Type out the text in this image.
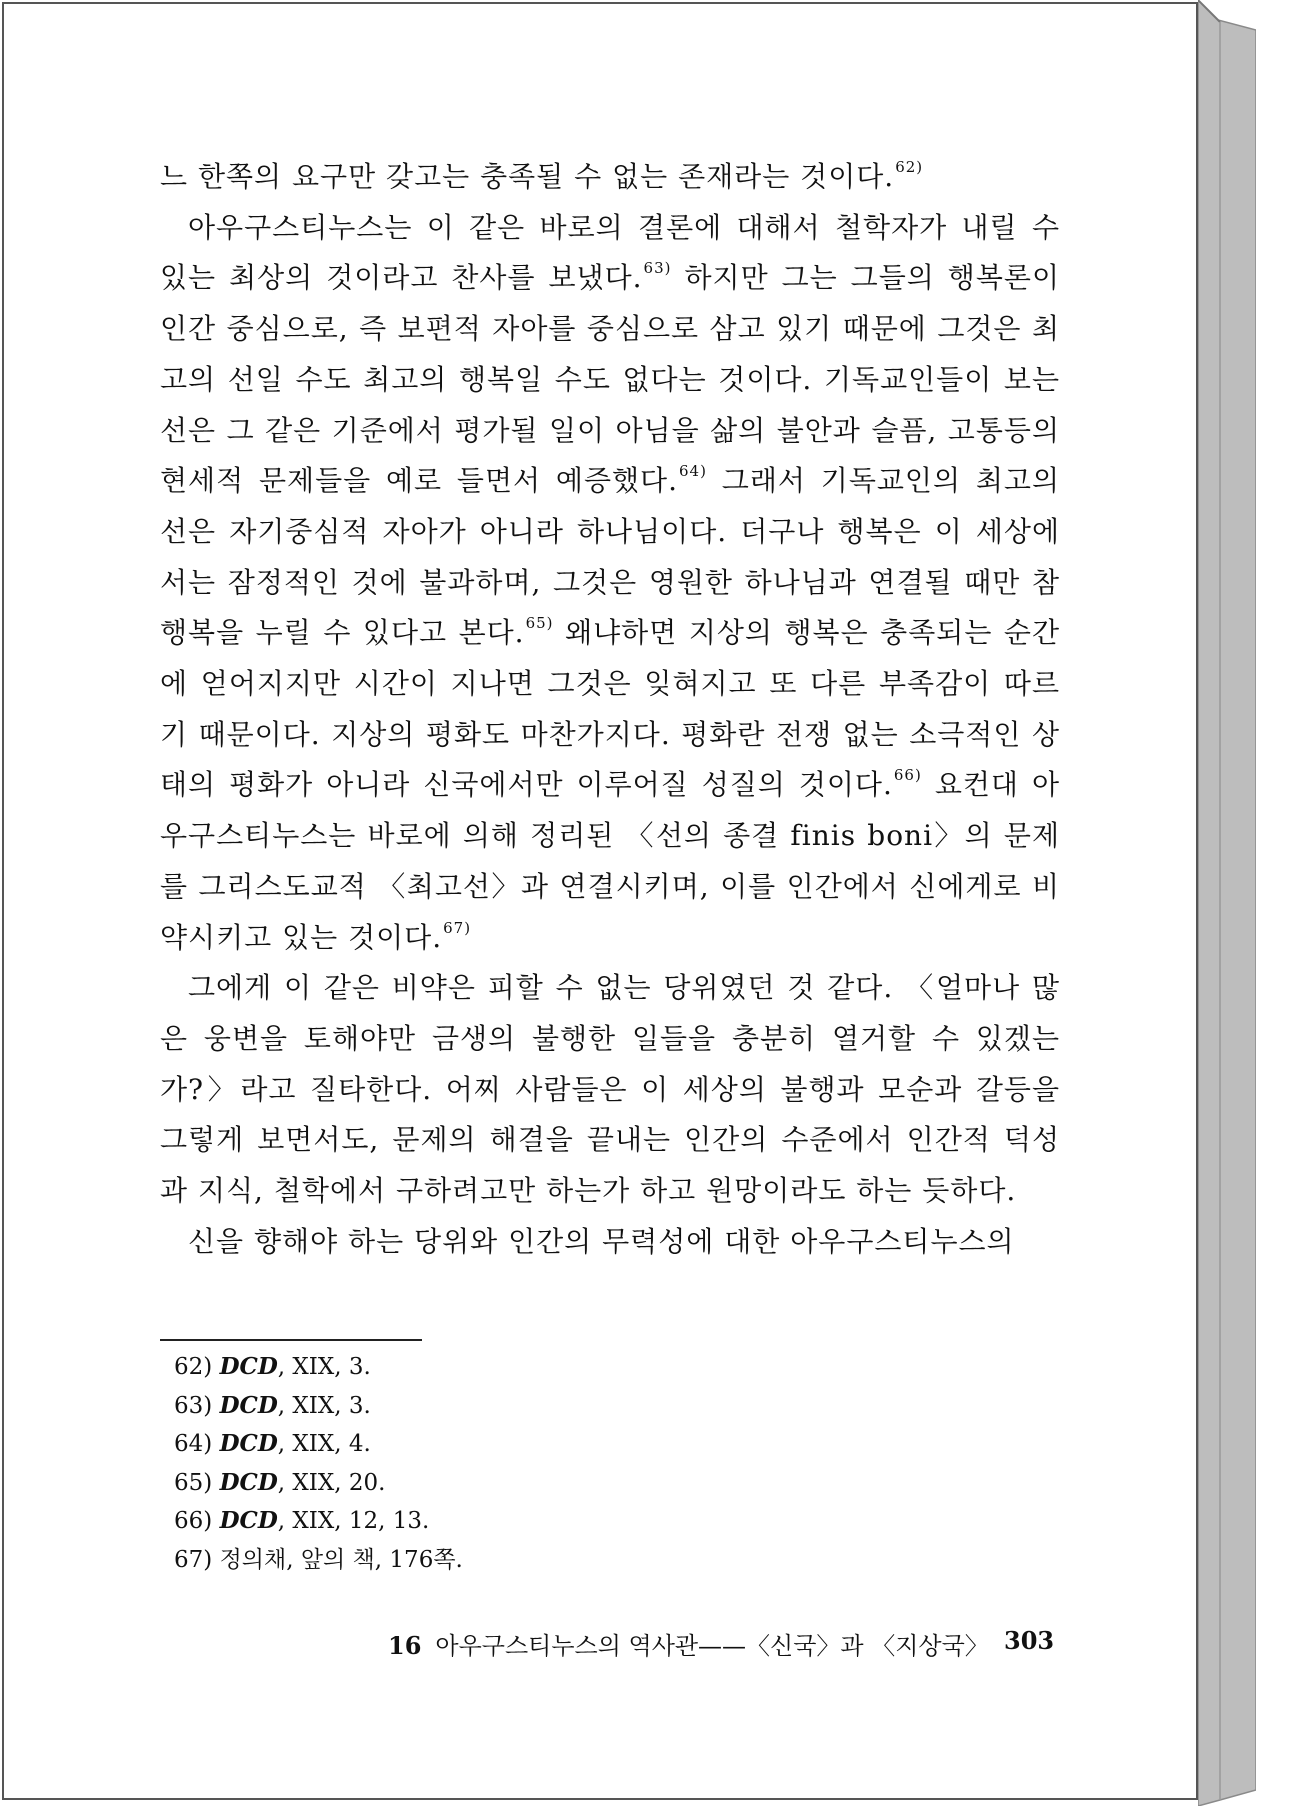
느 한쪽의 요구만 갖고는 충족될 수 없는 존재라는 것이다.$^{62)}$

아우구스티누스는 이 같은 바로의 결론에 대해서 철학자가 내릴 수 있는 최상의 것이라고 찬사를 보냈다.$^{63)}$ 하지만 그는 그들의 행복론이 인간 중심으로, 즉 보편적 자아를 중심으로 삼고 있기 때문에 그것은 최고의 선일 수도 최고의 행복일 수도 없다는 것이다. 기독교인들이 보는 선은 그 같은 기준에서 평가될 일이 아님을 삶의 불안과 슬픔, 고통등의 현세적 문제들을 예로 들면서 예증했다.$^{64)}$ 그래서 기독교인의 최고의 선은 자기중심적 자아가 아니라 하나님이다. 더구나 행복은 이 세상에서는 잠정적인 것에 불과하며, 그것은 영원한 하나님과 연결될 때만 참 행복을 누릴 수 있다고 본다.$^{65)}$ 왜냐하면 지상의 행복은 충족되는 순간에 얻어지지만 시간이 지나면 그것은 잊혀지고 또 다른 부족감이 따르기 때문이다. 지상의 평화도 마찬가지다. 평화란 전쟁 없는 소극적인 상태의 평화가 아니라 신국에서만 이루어질 성질의 것이다.$^{66)}$ 요컨대 아우구스티누스는 바로에 의해 정리된 〈선의 종결 finis boni〉의 문제를 그리스도교적 〈최고선〉과 연결시키며, 이를 인간에서 신에게로 비약시키고 있는 것이다.$^{67)}$

그에게 이 같은 비약은 피할 수 없는 당위였던 것 같다. 〈얼마나 많은 웅변을 토해야만 금생의 불행한 일들을 충분히 열거할 수 있겠는가?〉라고 질타한다. 어찌 사람들은 이 세상의 불행과 모순과 갈등을 그렇게 보면서도, 문제의 해결을 끝내는 인간의 수준에서 인간적 덕성과 지식, 철학에서 구하려고만 하는가 하고 원망이라도 하는 듯하다.

신을 향해야 하는 당위와 인간의 무력성에 대한 아우구스티누스의

62) DCD, XIX, 3.
63) DCD, XIX, 3.
64) DCD, XIX, 4.
65) DCD, XIX, 20.
66) DCD, XIX, 12, 13.
67) 정의채, 앞의 책, 176쪽.
16 아우구스티누스의 역사관——〈신국〉과 〈지상국〉 303
